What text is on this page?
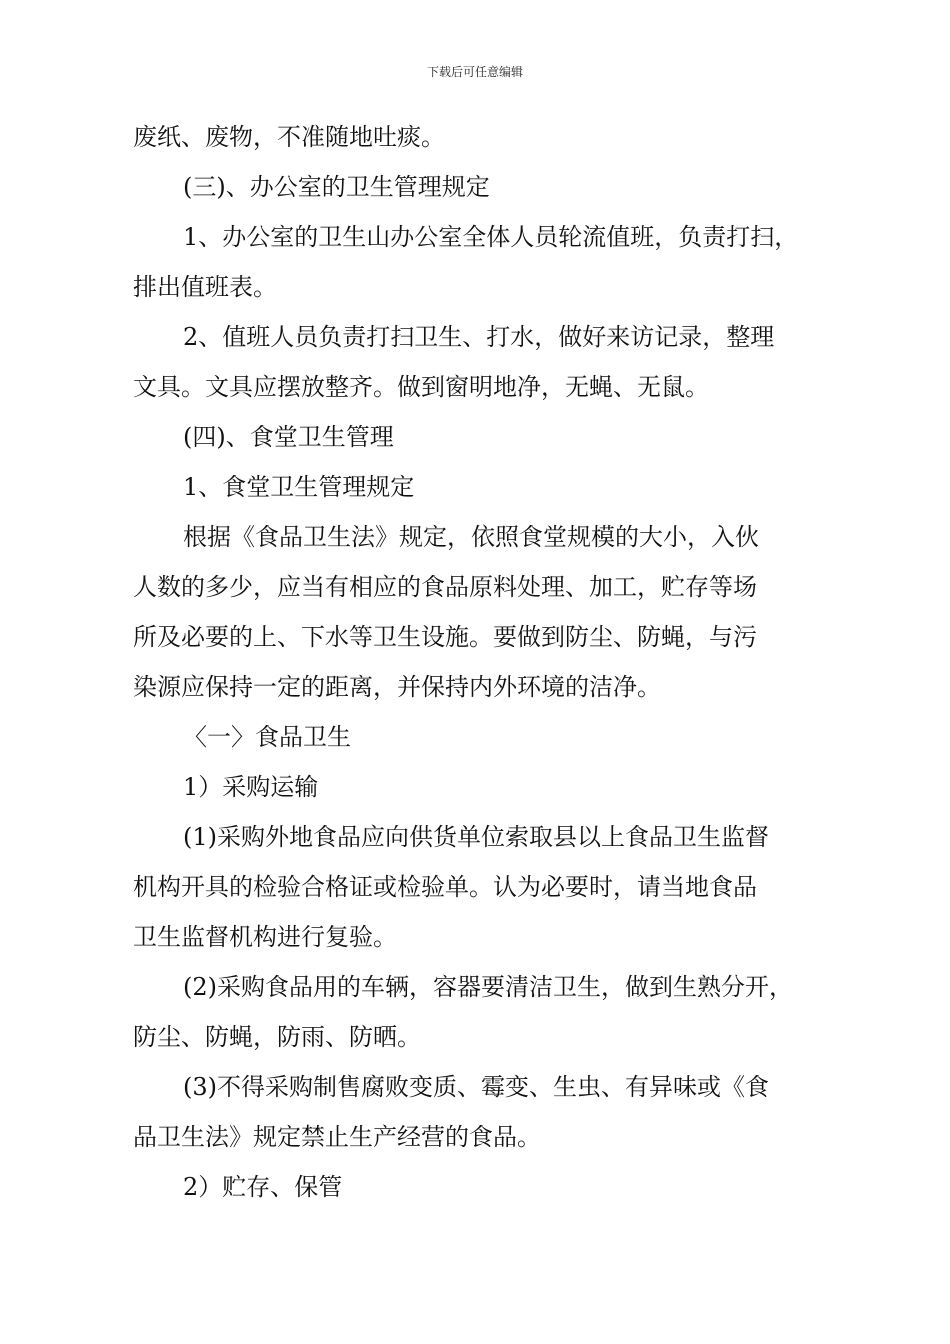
下载后可任意编辑
废纸、废物，不准随地吐痰。
(三)、办公室的卫生管理规定
1、办公室的卫生山办公室全体人员轮流值班，负责打扫，
排出值班表。
2、值班人员负责打扫卫生、打水，做好来访记录，整理
文具。文具应摆放整齐。做到窗明地净，无蝇、无鼠。
(四)、食堂卫生管理
1、食堂卫生管理规定
根据《食品卫生法》规定，依照食堂规模的大小，入伙
人数的多少，应当有相应的食品原料处理、加工，贮存等场
所及必要的上、下水等卫生设施。要做到防尘、防蝇，与污
染源应保持一定的距离，并保持内外环境的洁净。
〈一〉食品卫生
1）采购运输
(1)采购外地食品应向供货单位索取县以上食品卫生监督
机构开具的检验合格证或检验单。认为必要时，请当地食品
卫生监督机构进行复验。
(2)采购食品用的车辆，容器要清洁卫生，做到生熟分开，
防尘、防蝇，防雨、防晒。
(3)不得采购制售腐败变质、霉变、生虫、有异味或《食
品卫生法》规定禁止生产经营的食品。
2）贮存、保管
